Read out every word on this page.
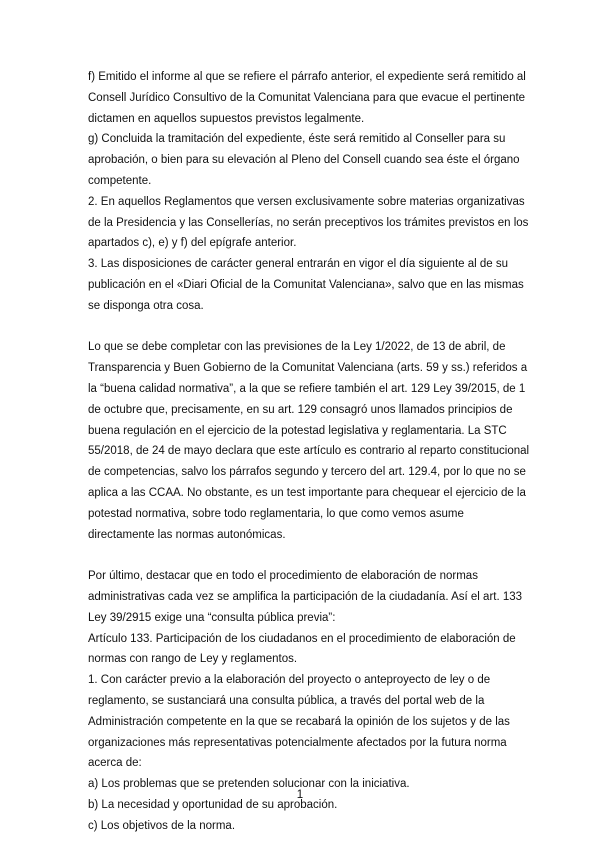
f) Emitido el informe al que se refiere el párrafo anterior, el expediente será remitido al
Consell Jurídico Consultivo de la Comunitat Valenciana para que evacue el pertinente
dictamen en aquellos supuestos previstos legalmente.
g) Concluida la tramitación del expediente, éste será remitido al Conseller para su
aprobación, o bien para su elevación al Pleno del Consell cuando sea éste el órgano
competente.
2. En aquellos Reglamentos que versen exclusivamente sobre materias organizativas
de la Presidencia y las Consellerías, no serán preceptivos los trámites previstos en los
apartados c), e) y f) del epígrafe anterior.
3. Las disposiciones de carácter general entrarán en vigor el día siguiente al de su
publicación en el «Diari Oficial de la Comunitat Valenciana», salvo que en las mismas
se disponga otra cosa.
Lo que se debe completar con las previsiones de la Ley 1/2022, de 13 de abril, de
Transparencia y Buen Gobierno de la Comunitat Valenciana (arts. 59 y ss.) referidos a
la “buena calidad normativa”, a la que se refiere también el art. 129 Ley 39/2015, de 1
de octubre que, precisamente, en su art. 129 consagró unos llamados principios de
buena regulación en el ejercicio de la potestad legislativa y reglamentaria. La STC
55/2018, de 24 de mayo declara que este artículo es contrario al reparto constitucional
de competencias, salvo los párrafos segundo y tercero del art. 129.4, por lo que no se
aplica a las CCAA. No obstante, es un test importante para chequear el ejercicio de la
potestad normativa, sobre todo reglamentaria, lo que como vemos asume
directamente las normas autonómicas.
Por último, destacar que en todo el procedimiento de elaboración de normas
administrativas cada vez se amplifica la participación de la ciudadanía. Así el art. 133
Ley 39/2915 exige una “consulta pública previa”:
Artículo 133. Participación de los ciudadanos en el procedimiento de elaboración de
normas con rango de Ley y reglamentos.
1. Con carácter previo a la elaboración del proyecto o anteproyecto de ley o de
reglamento, se sustanciará una consulta pública, a través del portal web de la
Administración competente en la que se recabará la opinión de los sujetos y de las
organizaciones más representativas potencialmente afectados por la futura norma
acerca de:
a) Los problemas que se pretenden solucionar con la iniciativa.
b) La necesidad y oportunidad de su aprobación.
c) Los objetivos de la norma.
1
